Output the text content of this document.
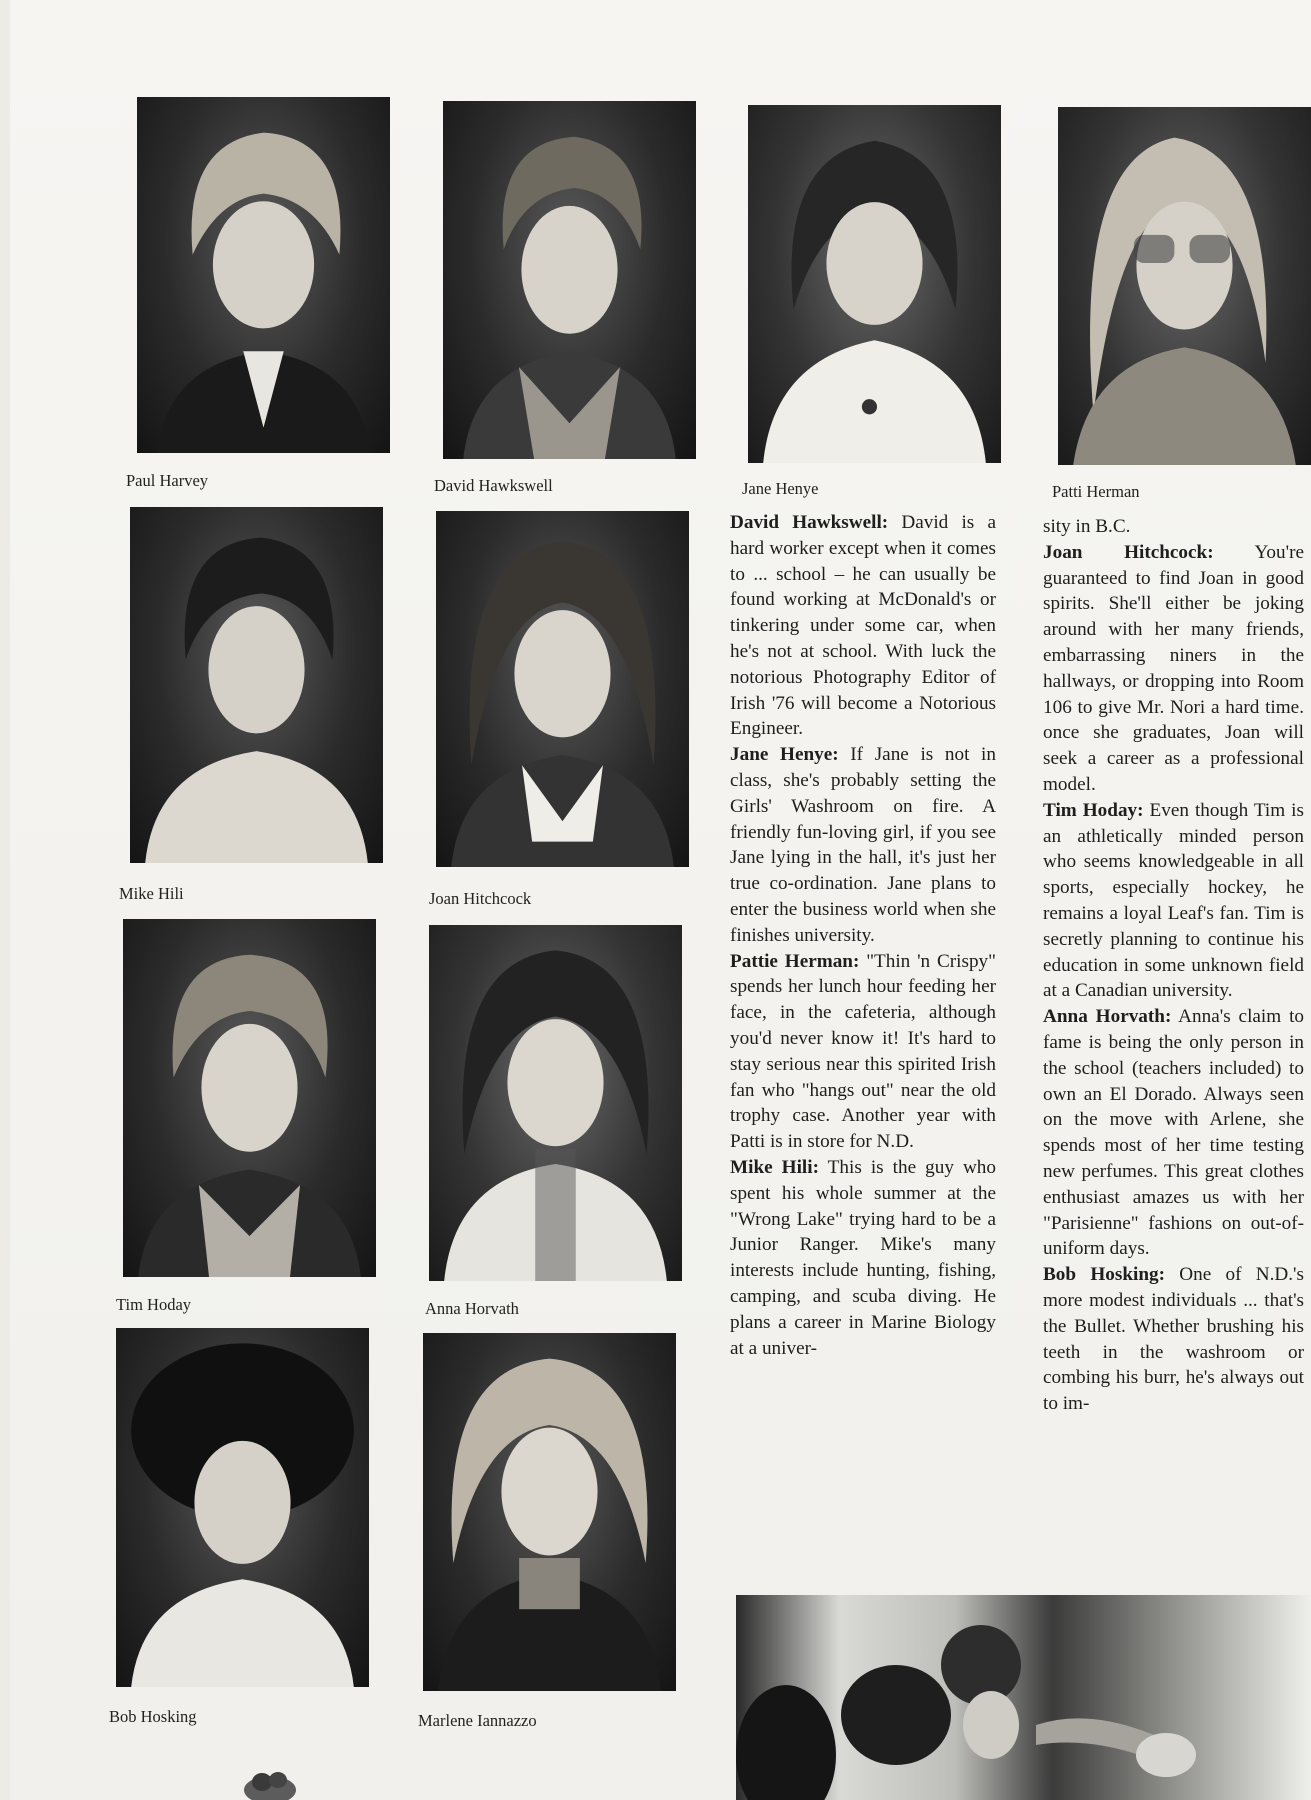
Paul Harvey	David Hawkswell	Jane Henye	Patti Herman
Mike Hili	Joan Hitchcock
Tim Hoday	Anna Horvath
Bob Hosking	Marlene Iannazzo

David Hawkswell: David is a hard worker except when it comes to ... school – he can usually be found working at McDonald's or tinkering under some car, when he's not at school. With luck the notorious Photography Editor of Irish '76 will become a Notorious Engineer.

Jane Henye: If Jane is not in class, she's probably setting the Girls' Washroom on fire. A friendly fun-loving girl, if you see Jane lying in the hall, it's just her true co-ordination. Jane plans to enter the business world when she finishes university.

Pattie Herman: "Thin 'n Crispy" spends her lunch hour feeding her face, in the cafeteria, although you'd never know it! It's hard to stay serious near this spirited Irish fan who "hangs out" near the old trophy case. Another year with Patti is in store for N.D.

Mike Hili: This is the guy who spent his whole summer at the "Wrong Lake" trying hard to be a Junior Ranger. Mike's many interests include hunting, fishing, camping, and scuba diving. He plans a career in Marine Biology at a univer-

sity in B.C.

Joan Hitchcock: You're guaranteed to find Joan in good spirits. She'll either be joking around with her many friends, embarrassing niners in the hallways, or dropping into Room 106 to give Mr. Nori a hard time. once she graduates, Joan will seek a career as a professional model.

Tim Hoday: Even though Tim is an athletically minded person who seems knowledgeable in all sports, especially hockey, he remains a loyal Leaf's fan. Tim is secretly planning to continue his education in some unknown field at a Canadian university.

Anna Horvath: Anna's claim to fame is being the only person in the school (teachers included) to own an El Dorado. Always seen on the move with Arlene, she spends most of her time testing new perfumes. This great clothes enthusiast amazes us with her "Parisienne" fashions on out-of-uniform days.

Bob Hosking: One of N.D.'s more modest individuals ... that's the Bullet. Whether brushing his teeth in the washroom or combing his burr, he's always out to im-
